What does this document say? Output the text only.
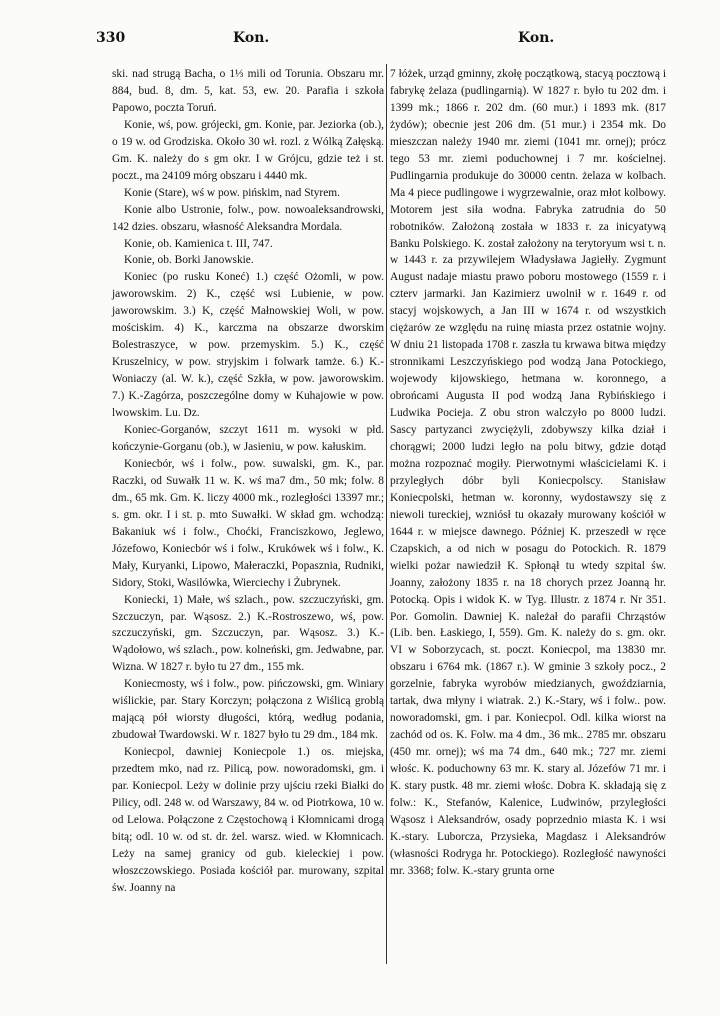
330	Kon.	Kon.

ski. nad strugą Bacha, o 1⅓ mili od Torunia. Obszaru mr. 884, bud. 8, dm. 5, kat. 53, ew. 20. Parafia i szkoła Papowo, poczta Toruń.

Konie, wś, pow. grójecki, gm. Konie, par. Jeziorka (ob.), o 19 w. od Grodziska. Około 30 wł. rozl. z Wólką Załęską. Gm. K. należy do s gm okr. I w Grójcu, gdzie też i st. poczt., ma 24109 mórg obszaru i 4440 mk.

Konie (Stare), wś w pow. pińskim, nad Styrem.

Konie albo Ustronie, folw., pow. nowoaleksandrowski, 142 dzies. obszaru, własność Aleksandra Mordala.

Konie, ob. Kamienica t. III, 747.

Konie, ob. Borki Janowskie.

Koniec (po rusku Koneć) 1.) część Ożomli, w pow. jaworowskim. 2) K., część wsi Lubienie, w pow. jaworowskim. 3.) K, część Małnowskiej Woli, w pow. mościskim. 4) K., karczma na obszarze dworskim Bolestraszyce, w pow. przemyskim. 5.) K., część Kruszelnicy, w pow. stryjskim i folwark tamże. 6.) K.-Woniaczy (al. W. k.), część Szkła, w pow. jaworowskim. 7.) K.-Zagórza, poszczególne domy w Kuhajowie w pow. lwowskim. Lu. Dz.

Koniec-Gorganów, szczyt 1611 m. wysoki w płd. kończynie-Gorganu (ob.), w Jasieniu, w pow. kałuskim.

Koniecbór, wś i folw., pow. suwalski, gm. K., par. Raczki, od Suwałk 11 w. K. wś ma7 dm., 50 mk; folw. 8 dm., 65 mk. Gm. K. liczy 4000 mk., rozległości 13397 mr.; s. gm. okr. I i st. p. mto Suwałki. W skład gm. wchodzą: Bakaniuk wś i folw., Choćki, Franciszkowo, Jeglewo, Józefowo, Koniecbór wś i folw., Krukówek wś i folw., K. Mały, Kuryanki, Lipowo, Małeraczki, Popasznia, Rudniki, Sidory, Stoki, Wasilówka, Wierciechy i Żubrynek.

Koniecki, 1) Małe, wś szlach., pow. szczuczyński, gm. Szczuczyn, par. Wąsosz. 2.) K.-Rostroszewo, wś, pow. szczuczyński, gm. Szczuczyn, par. Wąsosz. 3.) K.-Wądołowo, wś szlach., pow. kolneński, gm. Jedwabne, par. Wizna. W 1827 r. było tu 27 dm., 155 mk.

Koniecmosty, wś i folw., pow. pińczowski, gm. Winiary wiślickie, par. Stary Korczyn; połączona z Wiślicą groblą mającą pół wiorsty długości, którą, według podania, zbudował Twardowski. W r. 1827 było tu 29 dm., 184 mk.

Koniecpol, dawniej Koniecpole 1.) os. miejska, przedtem mko, nad rz. Pilicą, pow. noworadomski, gm. i par. Koniecpol. Leży w dolinie przy ujściu rzeki Białki do Pilicy, odl. 248 w. od Warszawy, 84 w. od Piotrkowa, 10 w. od Lelowa. Połączone z Częstochową i Kłomnicami drogą bitą; odl. 10 w. od st. dr. żel. warsz. wied. w Kłomnicach. Leży na samej granicy od gub. kieleckiej i pow. włoszczowskiego. Posiada kościół par. murowany, szpital św. Joanny na

7 łóżek, urząd gminny, zkołę początkową, stacyą pocztową i fabrykę żelaza (pudlingarnią). W 1827 r. było tu 202 dm. i 1399 mk.; 1866 r. 202 dm. (60 mur.) i 1893 mk. (817 żydów); obecnie jest 206 dm. (51 mur.) i 2354 mk. Do mieszczan należy 1940 mr. ziemi (1041 mr. ornej); prócz tego 53 mr. ziemi poduchownej i 7 mr. kościelnej. Pudlingarnia produkuje do 30000 centn. żelaza w kolbach. Ma 4 piece pudlingowe i wygrzewalnie, oraz młot kolbowy. Motorem jest siła wodna. Fabryka zatrudnia do 50 robotników. Założoną została w 1833 r. za inicyatywą Banku Polskiego. K. został założony na terytoryum wsi t. n. w 1443 r. za przywilejem Władysława Jagiełły. Zygmunt August nadaje miastu prawo poboru mostowego (1559 r. i czterv jarmarki. Jan Kazimierz uwolnił w r. 1649 r. od stacyj wojskowych, a Jan III w 1674 r. od wszystkich ciężarów ze względu na ruinę miasta przez ostatnie wojny. W dniu 21 listopada 1708 r. zaszła tu krwawa bitwa między stronnikami Leszczyńskiego pod wodzą Jana Potockiego, wojewody kijowskiego, hetmana w. koronnego, a obrońcami Augusta II pod wodzą Jana Rybińskiego i Ludwika Pocieja. Z obu stron walczyło po 8000 ludzi. Sascy partyzanci zwyciężyli, zdobywszy kilka dział i chorągwi; 2000 ludzi legło na polu bitwy, gdzie dotąd można rozpoznać mogiły. Pierwotnymi właścicielami K. i przyległych dóbr byli Koniecpolscy. Stanisław Koniecpolski, hetman w. koronny, wydostawszy się z niewoli tureckiej, wzniósł tu okazały murowany kościół w 1644 r. w miejsce dawnego. Później K. przeszedł w ręce Czapskich, a od nich w posagu do Potockich. R. 1879 wielki pożar nawiedził K. Spłonął tu wtedy szpital św. Joanny, założony 1835 r. na 18 chorych przez Joanną hr. Potocką. Opis i widok K. w Tyg. Illustr. z 1874 r. Nr 351. Por. Gomolin. Dawniej K. należał do parafii Chrząstów (Lib. ben. Łaskiego, I, 559). Gm. K. należy do s. gm. okr. VI w Soborzycach, st. poczt. Koniecpol, ma 13830 mr. obszaru i 6764 mk. (1867 r.). W gminie 3 szkoły pocz., 2 gorzelnie, fabryka wyrobów miedzianych, gwoździarnia, tartak, dwa młyny i wiatrak. 2.) K.-Stary, wś i folw.. pow. noworadomski, gm. i par. Koniecpol. Odl. kilka wiorst na zachód od os. K. Folw. ma 4 dm., 36 mk.. 2785 mr. obszaru (450 mr. ornej); wś ma 74 dm., 640 mk.; 727 mr. ziemi włośc. K. poduchowny 63 mr. K. stary al. Józefów 71 mr. i K. stary pustk. 48 mr. ziemi włośc. Dobra K. składają się z folw.: K., Stefanów, Kalenice, Ludwinów, przyległości Wąsosz i Aleksandrów, osady poprzednio miasta K. i wsi K.-stary. Luborcza, Przysieka, Magdasz i Aleksandrów (własności Rodryga hr. Potockiego). Rozległość nawyności mr. 3368; folw. K.-stary grunta orne
